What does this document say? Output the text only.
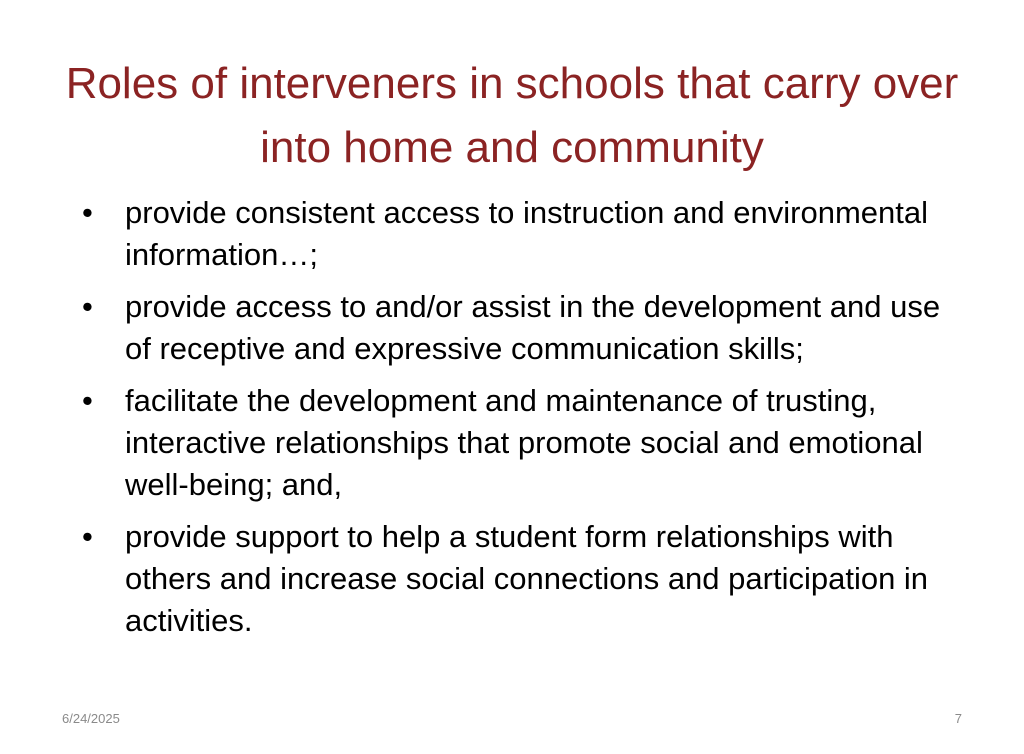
Roles of interveners in schools that carry over into home and community
• provide consistent access to instruction and environmental information…;
• provide access to and/or assist in the development and use of receptive and expressive communication skills;
• facilitate the development and maintenance of trusting, interactive relationships that promote social and emotional well-being; and,
• provide support to help a student form relationships with others and increase social connections and participation in activities.
6/24/2025	7
